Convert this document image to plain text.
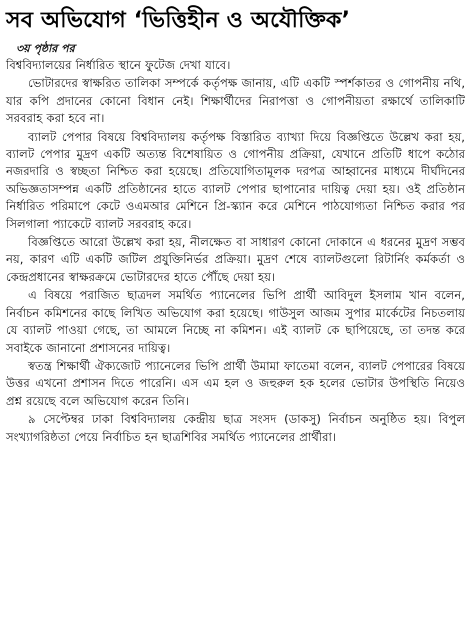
সব অভিযোগ ‘ভিত্তিহীন ও অযৌক্তিক’
৩য় পৃষ্ঠার পর

বিশ্ববিদ্যালয়ের নির্ধারিত স্থানে ফুটেজ দেখা যাবে।

ভোটারদের স্বাক্ষরিত তালিকা সম্পর্কে কর্তৃপক্ষ জানায়, এটি একটি স্পর্শকাতর ও গোপনীয় নথি, যার কপি প্রদানের কোনো বিধান নেই। শিক্ষার্থীদের নিরাপত্তা ও গোপনীয়তা রক্ষার্থে তালিকাটি সরবরাহ করা হবে না।

ব্যালট পেপার বিষয়ে বিশ্ববিদ্যালয় কর্তৃপক্ষ বিস্তারিত ব্যাখ্যা দিয়ে বিজ্ঞপ্তিতে উল্লেখ করা হয়, ব্যালট পেপার মুদ্রণ একটি অত্যন্ত বিশেষায়িত ও গোপনীয় প্রক্রিয়া, যেখানে প্রতিটি ধাপে কঠোর নজরদারি ও স্বচ্ছতা নিশ্চিত করা হয়েছে। প্রতিযোগিতামূলক দরপত্র আহ্বানের মাধ্যমে দীর্ঘদিনের অভিজ্ঞতাসম্পন্ন একটি প্রতিষ্ঠানের হাতে ব্যালট পেপার ছাপানোর দায়িত্ব দেয়া হয়। ওই প্রতিষ্ঠান নির্ধারিত পরিমাপে কেটে ওএমআর মেশিনে প্রি-স্ক্যান করে মেশিনে পাঠযোগ্যতা নিশ্চিত করার পর সিলগালা প্যাকেটে ব্যালট সরবরাহ করে।

বিজ্ঞপ্তিতে আরো উল্লেখ করা হয়, নীলক্ষেত বা সাধারণ কোনো দোকানে এ ধরনের মুদ্রণ সম্ভব নয়, কারণ এটি একটি জটিল প্রযুক্তিনির্ভর প্রক্রিয়া। মুদ্রণ শেষে ব্যালটগুলো রিটার্নিং কর্মকর্তা ও কেন্দ্রপ্রধানের স্বাক্ষরক্রমে ভোটারদের হাতে পৌঁছে দেয়া হয়।

এ বিষয়ে পরাজিত ছাত্রদল সমর্থিত প্যানেলের ভিপি প্রার্থী আবিদুল ইসলাম খান বলেন, নির্বাচন কমিশনের কাছে লিখিত অভিযোগ করা হয়েছে। গাউসুল আজম সুপার মার্কেটের নিচতলায় যে ব্যালট পাওয়া গেছে, তা আমলে নিচ্ছে না কমিশন। এই ব্যালট কে ছাপিয়েছে, তা তদন্ত করে সবাইকে জানানো প্রশাসনের দায়িত্ব।

স্বতন্ত্র শিক্ষার্থী ঐক্যজোট প্যানেলের ভিপি প্রার্থী উমামা ফাতেমা বলেন, ব্যালট পেপারের বিষয়ে উত্তর এখনো প্রশাসন দিতে পারেনি। এস এম হল ও জহুরুল হক হলের ভোটার উপস্থিতি নিয়েও প্রশ্ন রয়েছে বলে অভিযোগ করেন তিনি।

৯ সেপ্টেম্বর ঢাকা বিশ্ববিদ্যালয় কেন্দ্রীয় ছাত্র সংসদ (ডাকসু) নির্বাচন অনুষ্ঠিত হয়। বিপুল সংখ্যাগরিষ্ঠতা পেয়ে নির্বাচিত হন ছাত্রশিবির সমর্থিত প্যানেলের প্রার্থীরা।
